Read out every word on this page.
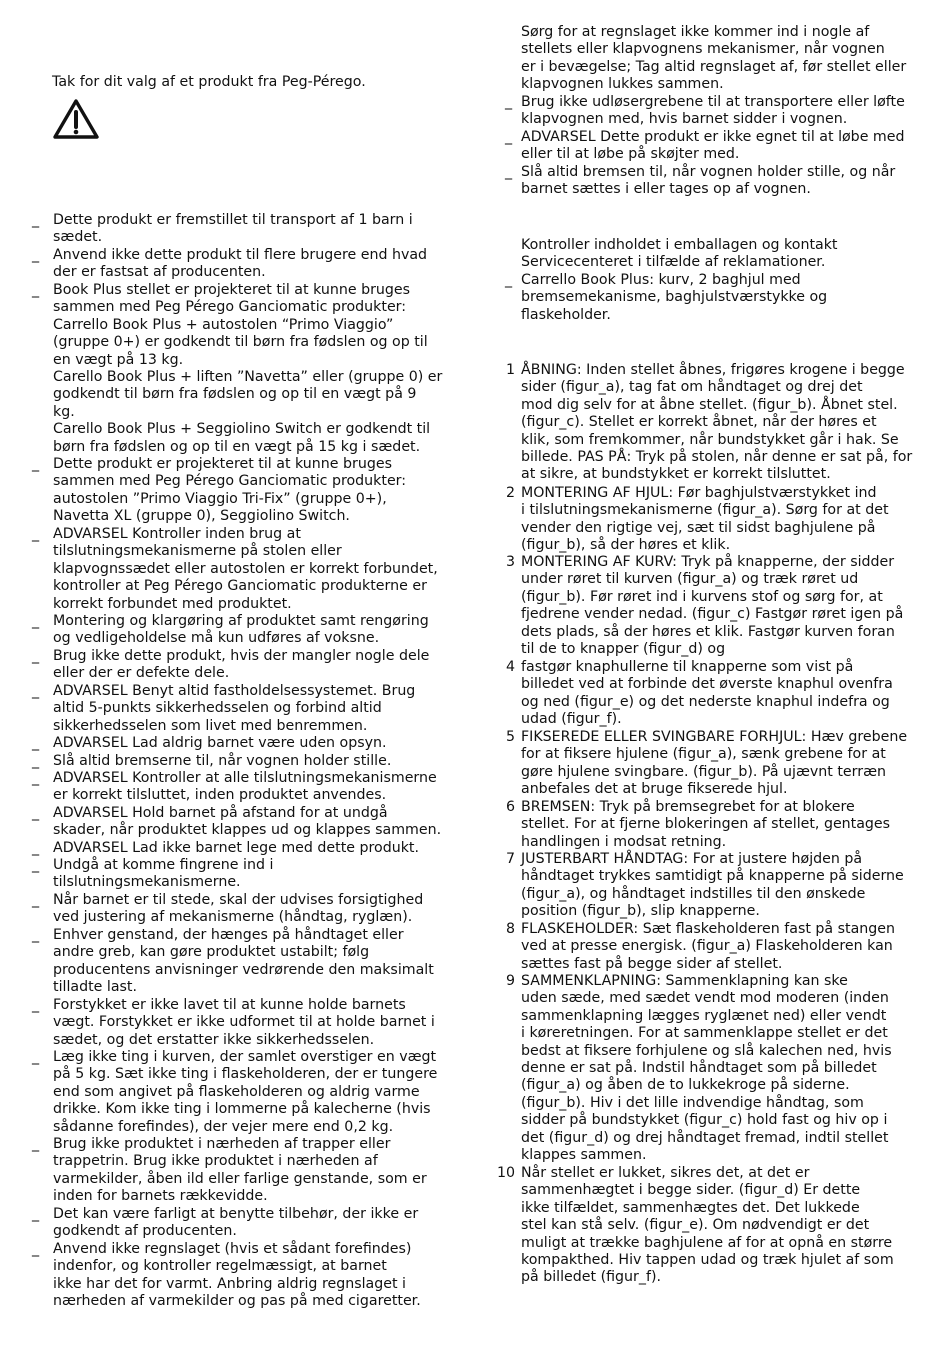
Tak for dit valg af et produkt fra Peg-Pérego.
_ Dette produkt er fremstillet til transport af 1 barn i
sædet.
_ Anvend ikke dette produkt til flere brugere end hvad
der er fastsat af producenten.
_ Book Plus stellet er projekteret til at kunne bruges
sammen med Peg Pérego Ganciomatic produkter:
Carrello Book Plus + autostolen “Primo Viaggio”
(gruppe 0+) er godkendt til børn fra fødslen og op til
en vægt på 13 kg.
Carello Book Plus + liften ”Navetta” eller (gruppe 0) er
godkendt til børn fra fødslen og op til en vægt på 9
kg.
Carello Book Plus + Seggiolino Switch er godkendt til
børn fra fødslen og op til en vægt på 15 kg i sædet.
_ Dette produkt er projekteret til at kunne bruges
sammen med Peg Pérego Ganciomatic produkter:
autostolen ”Primo Viaggio Tri-Fix” (gruppe 0+),
Navetta XL (gruppe 0), Seggiolino Switch.
_ ADVARSEL Kontroller inden brug at
tilslutningsmekanismerne på stolen eller
klapvognssædet eller autostolen er korrekt forbundet,
kontroller at Peg Pérego Ganciomatic produkterne er
korrekt forbundet med produktet.
_ Montering og klargøring af produktet samt rengøring
og vedligeholdelse må kun udføres af voksne.
_ Brug ikke dette produkt, hvis der mangler nogle dele
eller der er defekte dele.
_ ADVARSEL Benyt altid fastholdelsessystemet. Brug
altid 5-punkts sikkerhedsselen og forbind altid
sikkerhedsselen som livet med benremmen.
_ ADVARSEL Lad aldrig barnet være uden opsyn.
_ Slå altid bremserne til, når vognen holder stille.
_ ADVARSEL Kontroller at alle tilslutningsmekanismerne
er korrekt tilsluttet, inden produktet anvendes.
_ ADVARSEL Hold barnet på afstand for at undgå
skader, når produktet klappes ud og klappes sammen.
_ ADVARSEL Lad ikke barnet lege med dette produkt.
_ Undgå at komme fingrene ind i
tilslutningsmekanismerne.
_ Når barnet er til stede, skal der udvises forsigtighed
ved justering af mekanismerne (håndtag, ryglæn).
_ Enhver genstand, der hænges på håndtaget eller
andre greb, kan gøre produktet ustabilt; følg
producentens anvisninger vedrørende den maksimalt
tilladte last.
_ Forstykket er ikke lavet til at kunne holde barnets
vægt. Forstykket er ikke udformet til at holde barnet i
sædet, og det erstatter ikke sikkerhedsselen.
_ Læg ikke ting i kurven, der samlet overstiger en vægt
på 5 kg. Sæt ikke ting i flaskeholderen, der er tungere
end som angivet på flaskeholderen og aldrig varme
drikke. Kom ikke ting i lommerne på kalecherne (hvis
sådanne forefindes), der vejer mere end 0,2 kg.
_ Brug ikke produktet i nærheden af trapper eller
trappetrin. Brug ikke produktet i nærheden af
varmekilder, åben ild eller farlige genstande, som er
inden for barnets rækkevidde.
_ Det kan være farligt at benytte tilbehør, der ikke er
godkendt af producenten.
_ Anvend ikke regnslaget (hvis et sådant forefindes)
indenfor, og kontroller regelmæssigt, at barnet
ikke har det for varmt. Anbring aldrig regnslaget i
nærheden af varmekilder og pas på med cigaretter.
Sørg for at regnslaget ikke kommer ind i nogle af
stellets eller klapvognens mekanismer, når vognen
er i bevægelse; Tag altid regnslaget af, før stellet eller
klapvognen lukkes sammen.
_ Brug ikke udløsergrebene til at transportere eller løfte
klapvognen med, hvis barnet sidder i vognen.
_ ADVARSEL Dette produkt er ikke egnet til at løbe med
eller til at løbe på skøjter med.
_ Slå altid bremsen til, når vognen holder stille, og når
barnet sættes i eller tages op af vognen.
Kontroller indholdet i emballagen og kontakt
Servicecenteret i tilfælde af reklamationer.
_ Carrello Book Plus: kurv, 2 baghjul med
bremsemekanisme, baghjulstværstykke og
flaskeholder.
1 ÅBNING: Inden stellet åbnes, frigøres krogene i begge
sider (figur_a), tag fat om håndtaget og drej det
mod dig selv for at åbne stellet. (figur_b). Åbnet stel.
(figur_c). Stellet er korrekt åbnet, når der høres et
klik, som fremkommer, når bundstykket går i hak. Se
billede. PAS PÅ: Tryk på stolen, når denne er sat på, for
at sikre, at bundstykket er korrekt tilsluttet.
2 MONTERING AF HJUL: Før baghjulstværstykket ind
i tilslutningsmekanismerne (figur_a). Sørg for at det
vender den rigtige vej, sæt til sidst baghjulene på
(figur_b), så der høres et klik.
3 MONTERING AF KURV: Tryk på knapperne, der sidder
under røret til kurven (figur_a) og træk røret ud
(figur_b). Før røret ind i kurvens stof og sørg for, at
fjedrene vender nedad. (figur_c) Fastgør røret igen på
dets plads, så der høres et klik. Fastgør kurven foran
til de to knapper (figur_d) og
4 fastgør knaphullerne til knapperne som vist på
billedet ved at forbinde det øverste knaphul ovenfra
og ned (figur_e) og det nederste knaphul indefra og
udad (figur_f).
5 FIKSEREDE ELLER SVINGBARE FORHJUL: Hæv grebene
for at fiksere hjulene (figur_a), sænk grebene for at
gøre hjulene svingbare. (figur_b). På ujævnt terræn
anbefales det at bruge fikserede hjul.
6 BREMSEN: Tryk på bremsegrebet for at blokere
stellet. For at fjerne blokeringen af stellet, gentages
handlingen i modsat retning.
7 JUSTERBART HÅNDTAG: For at justere højden på
håndtaget trykkes samtidigt på knapperne på siderne
(figur_a), og håndtaget indstilles til den ønskede
position (figur_b), slip knapperne.
8 FLASKEHOLDER: Sæt flaskeholderen fast på stangen
ved at presse energisk. (figur_a) Flaskeholderen kan
sættes fast på begge sider af stellet.
9 SAMMENKLAPNING: Sammenklapning kan ske
uden sæde, med sædet vendt mod moderen (inden
sammenklapning lægges ryglænet ned) eller vendt
i køreretningen. For at sammenklappe stellet er det
bedst at fiksere forhjulene og slå kalechen ned, hvis
denne er sat på. Indstil håndtaget som på billedet
(figur_a) og åben de to lukkekroge på siderne.
(figur_b). Hiv i det lille indvendige håndtag, som
sidder på bundstykket (figur_c) hold fast og hiv op i
det (figur_d) og drej håndtaget fremad, indtil stellet
klappes sammen.
10 Når stellet er lukket, sikres det, at det er
sammenhægtet i begge sider. (figur_d) Er dette
ikke tilfældet, sammenhægtes det. Det lukkede
stel kan stå selv. (figur_e). Om nødvendigt er det
muligt at trække baghjulene af for at opnå en større
kompakthed. Hiv tappen udad og træk hjulet af som
på billedet (figur_f).
